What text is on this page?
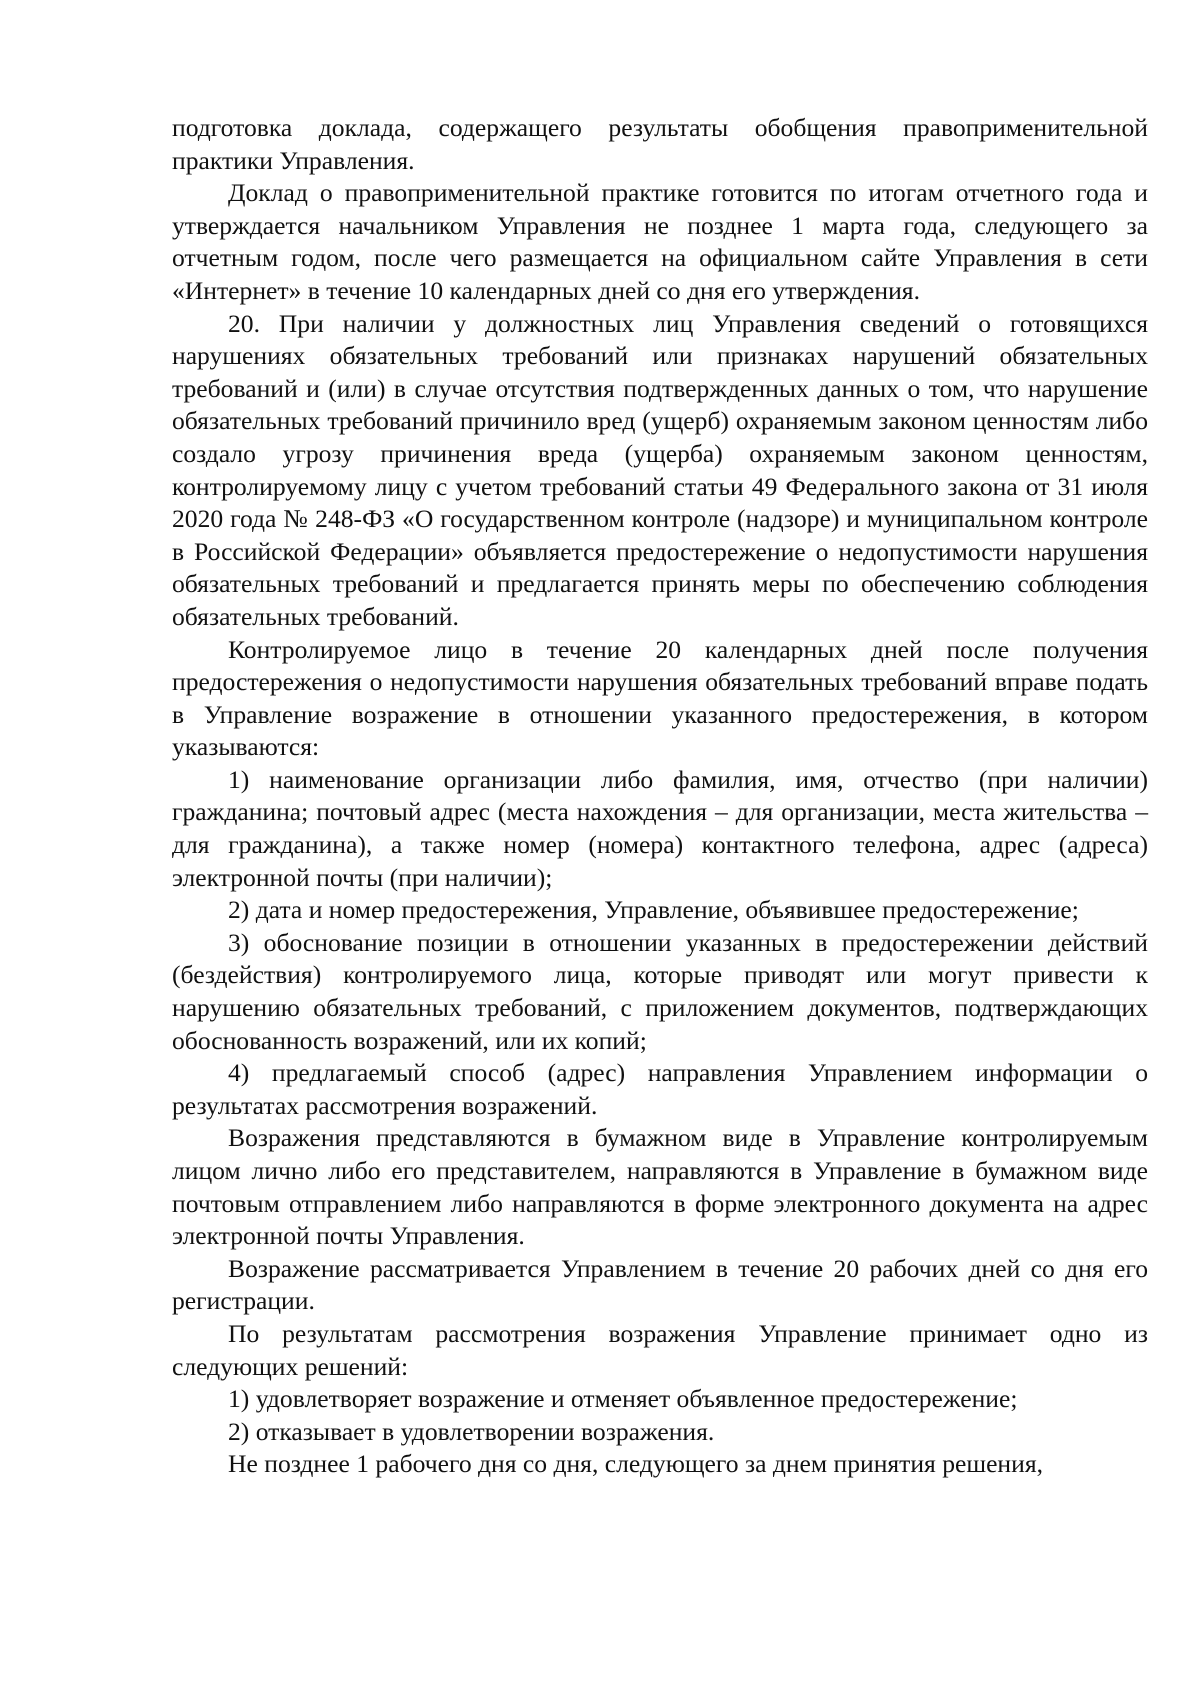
подготовка доклада, содержащего результаты обобщения правоприменительной практики Управления.

Доклад о правоприменительной практике готовится по итогам отчетного года и утверждается начальником Управления не позднее 1 марта года, следующего за отчетным годом, после чего размещается на официальном сайте Управления в сети «Интернет» в течение 10 календарных дней со дня его утверждения.

20. При наличии у должностных лиц Управления сведений о готовящихся нарушениях обязательных требований или признаках нарушений обязательных требований и (или) в случае отсутствия подтвержденных данных о том, что нарушение обязательных требований причинило вред (ущерб) охраняемым законом ценностям либо создало угрозу причинения вреда (ущерба) охраняемым законом ценностям, контролируемому лицу с учетом требований статьи 49 Федерального закона от 31 июля 2020 года № 248-ФЗ «О государственном контроле (надзоре) и муниципальном контроле в Российской Федерации» объявляется предостережение о недопустимости нарушения обязательных требований и предлагается принять меры по обеспечению соблюдения обязательных требований.

Контролируемое лицо в течение 20 календарных дней после получения предостережения о недопустимости нарушения обязательных требований вправе подать в Управление возражение в отношении указанного предостережения, в котором указываются:

1) наименование организации либо фамилия, имя, отчество (при наличии) гражданина; почтовый адрес (места нахождения – для организации, места жительства – для гражданина), а также номер (номера) контактного телефона, адрес (адреса) электронной почты (при наличии);

2) дата и номер предостережения, Управление, объявившее предостережение;

3) обоснование позиции в отношении указанных в предостережении действий (бездействия) контролируемого лица, которые приводят или могут привести к нарушению обязательных требований, с приложением документов, подтверждающих обоснованность возражений, или их копий;

4) предлагаемый способ (адрес) направления Управлением информации о результатах рассмотрения возражений.

Возражения представляются в бумажном виде в Управление контролируемым лицом лично либо его представителем, направляются в Управление в бумажном виде почтовым отправлением либо направляются в форме электронного документа на адрес электронной почты Управления.

Возражение рассматривается Управлением в течение 20 рабочих дней со дня его регистрации.

По результатам рассмотрения возражения Управление принимает одно из следующих решений:

1) удовлетворяет возражение и отменяет объявленное предостережение;

2) отказывает в удовлетворении возражения.

Не позднее 1 рабочего дня со дня, следующего за днем принятия решения,
